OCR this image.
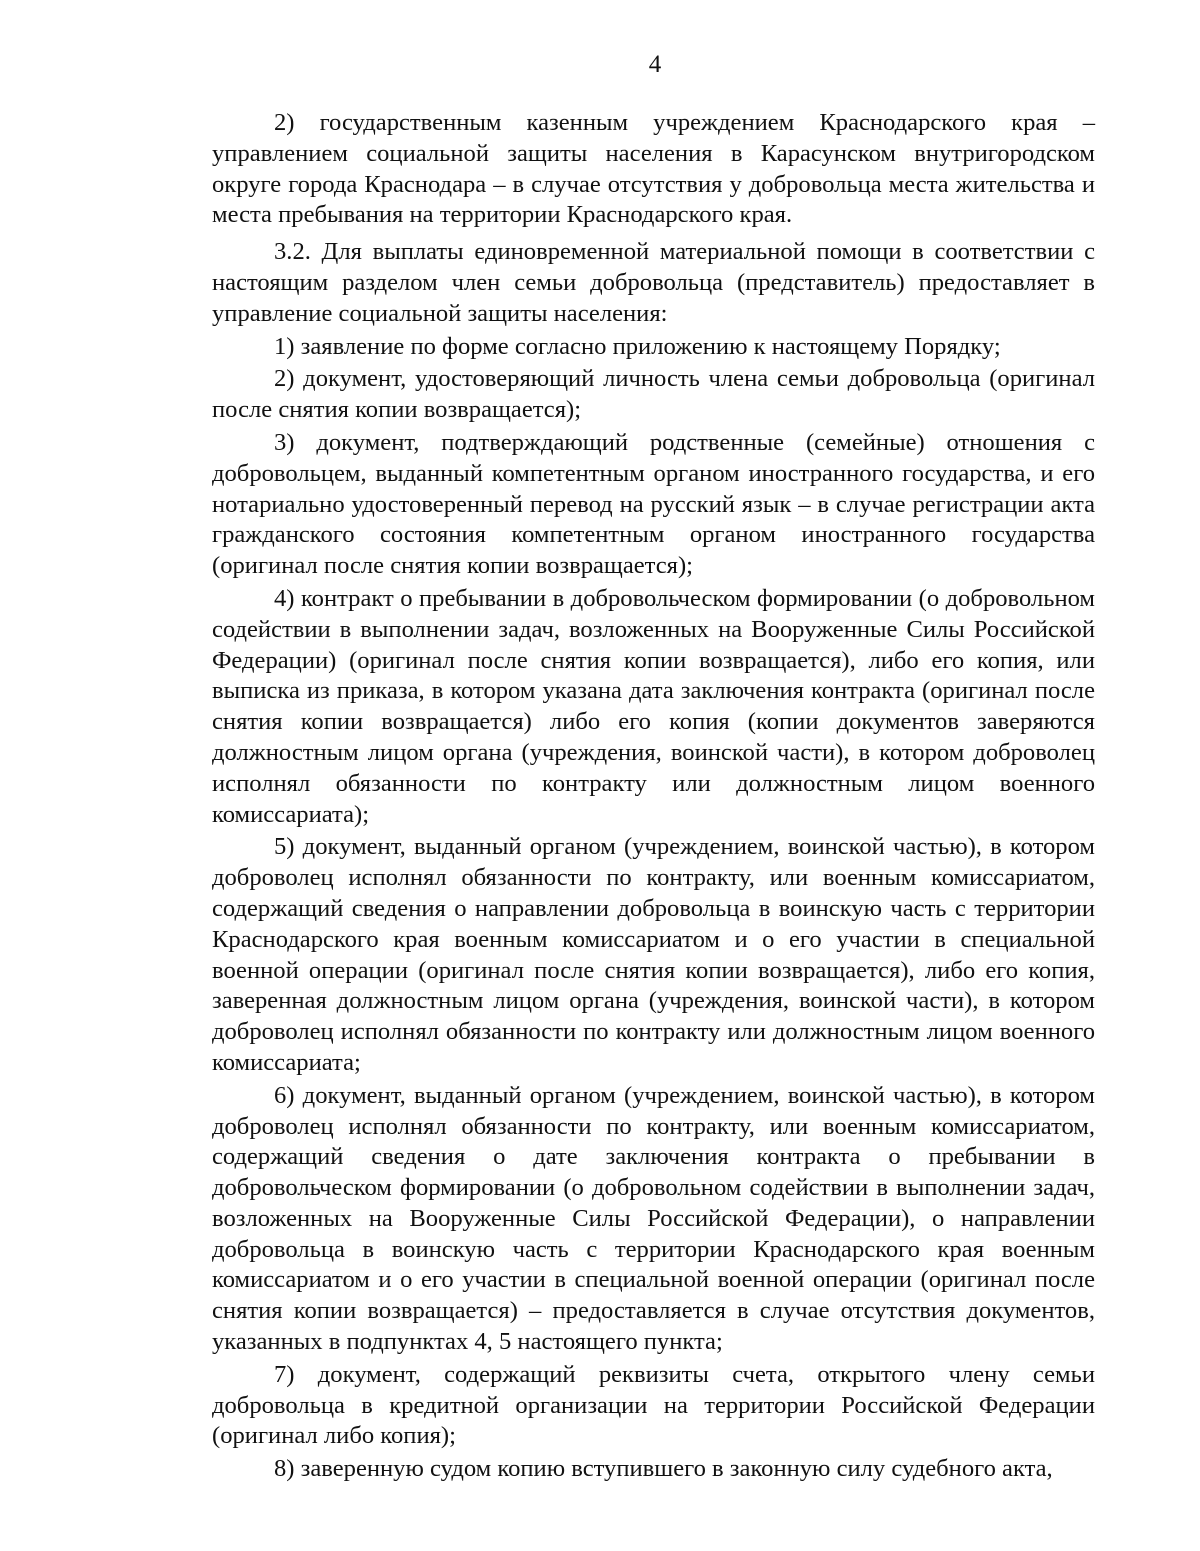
4

2) государственным казенным учреждением Краснодарского края – управлением социальной защиты населения в Карасунском внутригородском округе города Краснодара – в случае отсутствия у добровольца места жительства и места пребывания на территории Краснодарского края.

3.2. Для выплаты единовременной материальной помощи в соответствии с настоящим разделом член семьи добровольца (представитель) предоставляет в управление социальной защиты населения:

1) заявление по форме согласно приложению к настоящему Порядку;

2) документ, удостоверяющий личность члена семьи добровольца (оригинал после снятия копии возвращается);

3) документ, подтверждающий родственные (семейные) отношения с добровольцем, выданный компетентным органом иностранного государства, и его нотариально удостоверенный перевод на русский язык – в случае регистрации акта гражданского состояния компетентным органом иностранного государства (оригинал после снятия копии возвращается);

4) контракт о пребывании в добровольческом формировании (о добровольном содействии в выполнении задач, возложенных на Вооруженные Силы Российской Федерации) (оригинал после снятия копии возвращается), либо его копия, или выписка из приказа, в котором указана дата заключения контракта (оригинал после снятия копии возвращается) либо его копия (копии документов заверяются должностным лицом органа (учреждения, воинской части), в котором доброволец исполнял обязанности по контракту или должностным лицом военного комиссариата);

5) документ, выданный органом (учреждением, воинской частью), в котором доброволец исполнял обязанности по контракту, или военным комиссариатом, содержащий сведения о направлении добровольца в воинскую часть с территории Краснодарского края военным комиссариатом и о его участии в специальной военной операции (оригинал после снятия копии возвращается), либо его копия, заверенная должностным лицом органа (учреждения, воинской части), в котором доброволец исполнял обязанности по контракту или должностным лицом военного комиссариата;

6) документ, выданный органом (учреждением, воинской частью), в котором доброволец исполнял обязанности по контракту, или военным комиссариатом, содержащий сведения о дате заключения контракта о пребывании в добровольческом формировании (о добровольном содействии в выполнении задач, возложенных на Вооруженные Силы Российской Федерации), о направлении добровольца в воинскую часть с территории Краснодарского края военным комиссариатом и о его участии в специальной военной операции (оригинал после снятия копии возвращается) – предоставляется в случае отсутствия документов, указанных в подпунктах 4, 5 настоящего пункта;

7) документ, содержащий реквизиты счета, открытого члену семьи добровольца в кредитной организации на территории Российской Федерации (оригинал либо копия);

8) заверенную судом копию вступившего в законную силу судебного акта,
